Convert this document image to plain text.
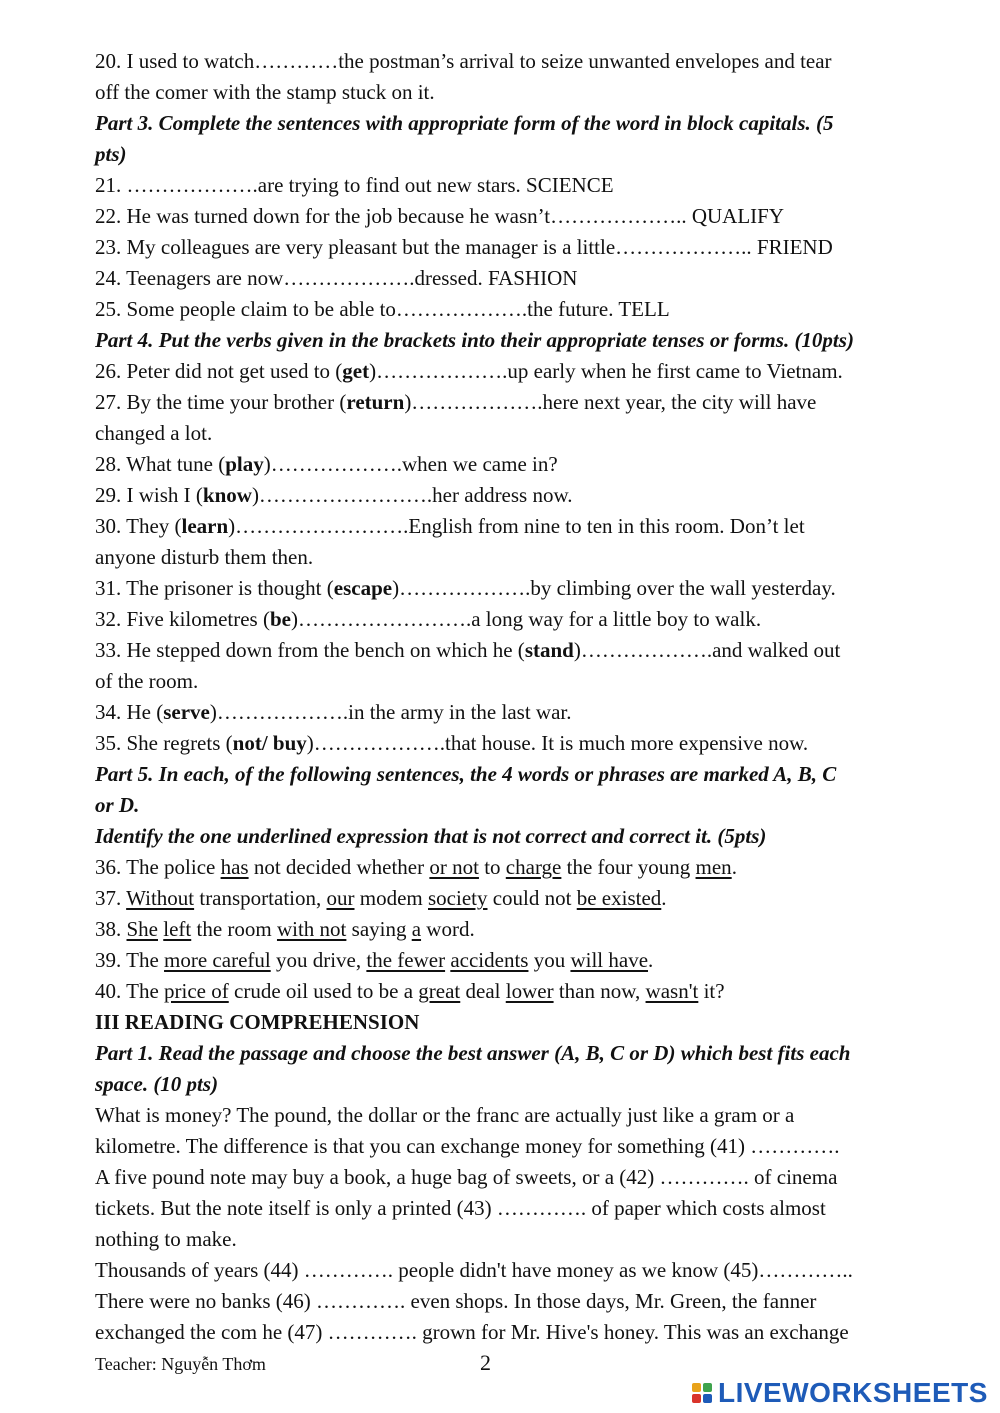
20. I used to watch…………the postman’s arrival to seize unwanted envelopes and tear
off the comer with the stamp stuck on it.
Part 3. Complete the sentences with appropriate form of the word in block capitals. (5
pts)
21. ……………….are trying to find out new stars. SCIENCE
22. He was turned down for the job because he wasn’t……………….. QUALIFY
23. My colleagues are very pleasant but the manager is a little……………….. FRIEND
24. Teenagers are now……………….dressed. FASHION
25. Some people claim to be able to……………….the future. TELL
Part 4. Put the verbs given in the brackets into their appropriate tenses or forms. (10pts)
26. Peter did not get used to (get)……………….up early when he first came to Vietnam.
27. By the time your brother (return)……………….here next year, the city will have
changed a lot.
28. What tune (play)……………….when we came in?
29. I wish I (know)…………………….her address now.
30. They (learn)…………………….English from nine to ten in this room. Don’t let
anyone disturb them then.
31. The prisoner is thought (escape)……………….by climbing over the wall yesterday.
32. Five kilometres (be)…………………….a long way for a little boy to walk.
33. He stepped down from the bench on which he (stand)……………….and walked out
of the room.
34. He (serve)……………….in the army in the last war.
35. She regrets (not/ buy)……………….that house. It is much more expensive now.
Part 5. In each, of the following sentences, the 4 words or phrases are marked A, B, C
or D.
Identify the one underlined expression that is not correct and correct it. (5pts)
36. The police has not decided whether or not to charge the four young men.
37. Without transportation, our modem society could not be existed.
38. She left the room with not saying a word.
39. The more careful you drive, the fewer accidents you will have.
40. The price of crude oil used to be a great deal lower than now, wasn't it?
III READING COMPREHENSION
Part 1. Read the passage and choose the best answer (A, B, C or D) which best fits each
space. (10 pts)
What is money? The pound, the dollar or the franc are actually just like a gram or a
kilometre. The difference is that you can exchange money for something (41) ………….
A five pound note may buy a book, a huge bag of sweets, or a (42) …………. of cinema
tickets. But the note itself is only a printed (43) …………. of paper which costs almost
nothing to make.
Thousands of years (44) …………. people didn't have money as we know (45)…………..
There were no banks (46) …………. even shops. In those days, Mr. Green, the fanner
exchanged the com he (47) …………. grown for Mr. Hive's honey. This was an exchange
Teacher: Nguyễn Thơm	2
LIVEWORKSHEETS
